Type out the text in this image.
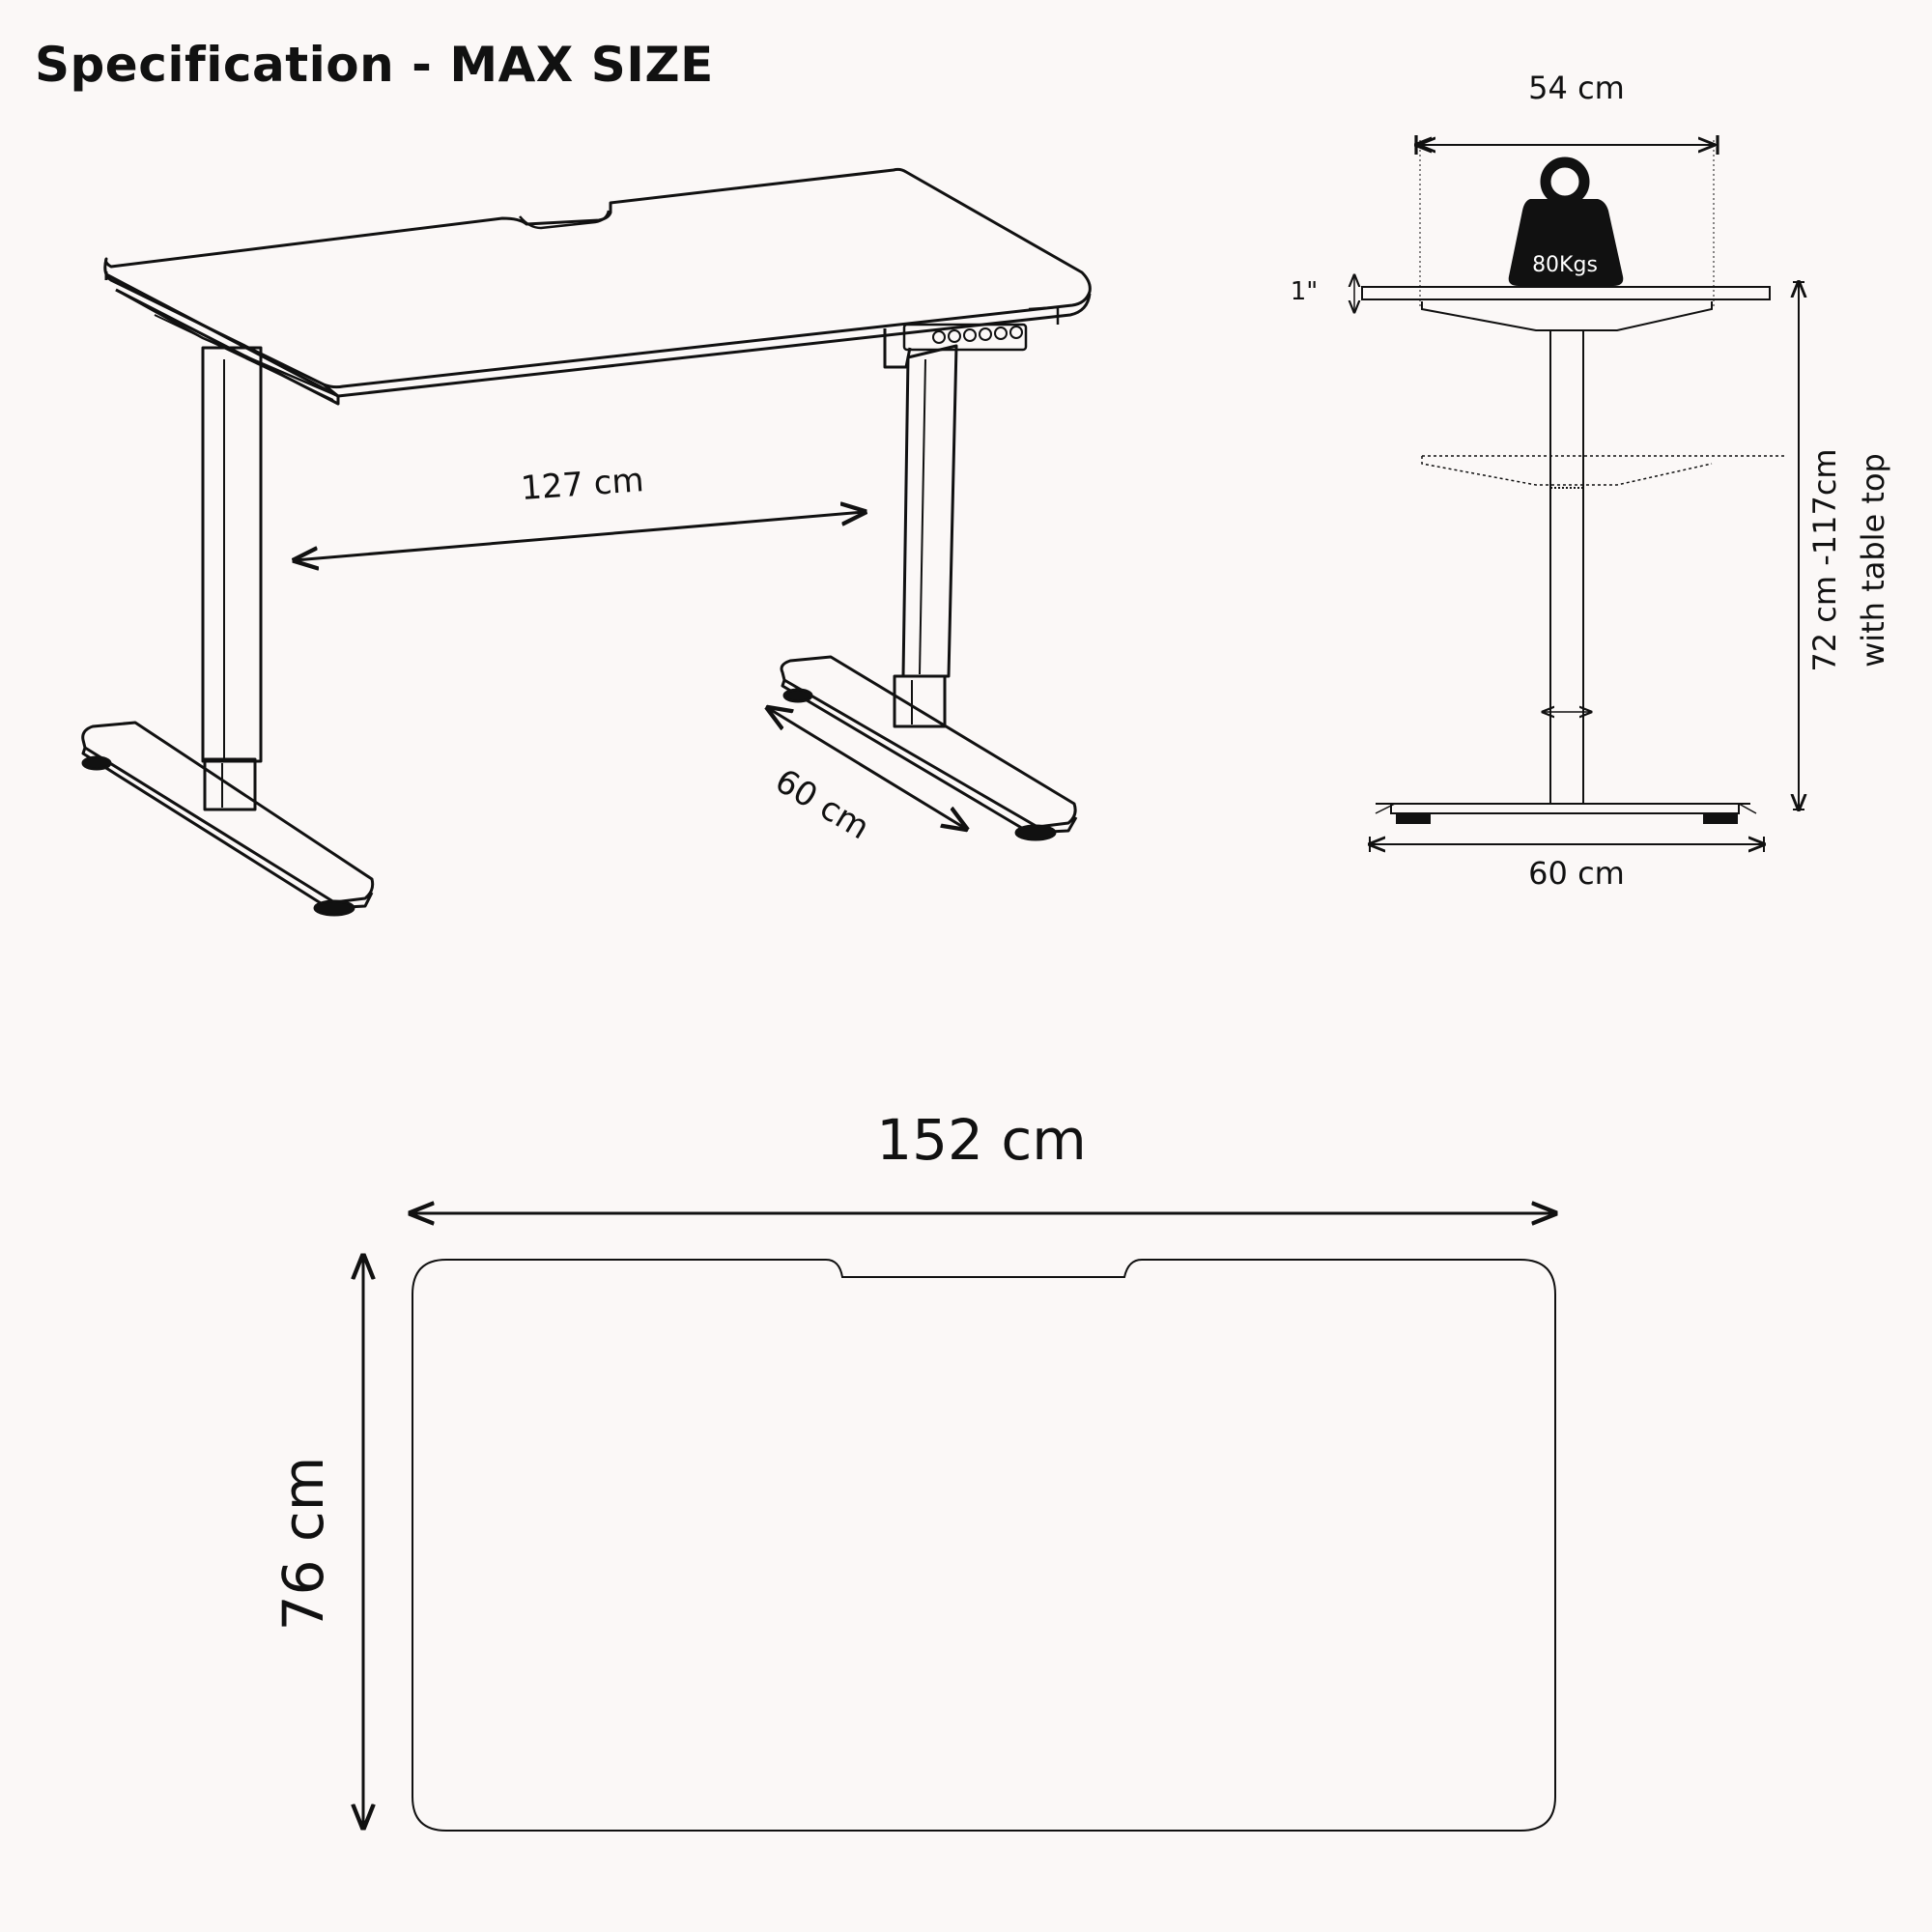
Specification - MAX SIZE
127 cm
60 cm
80Kgs
54 cm
1"
60 cm
72 cm -117cm with table top
152 cm
76 cm
